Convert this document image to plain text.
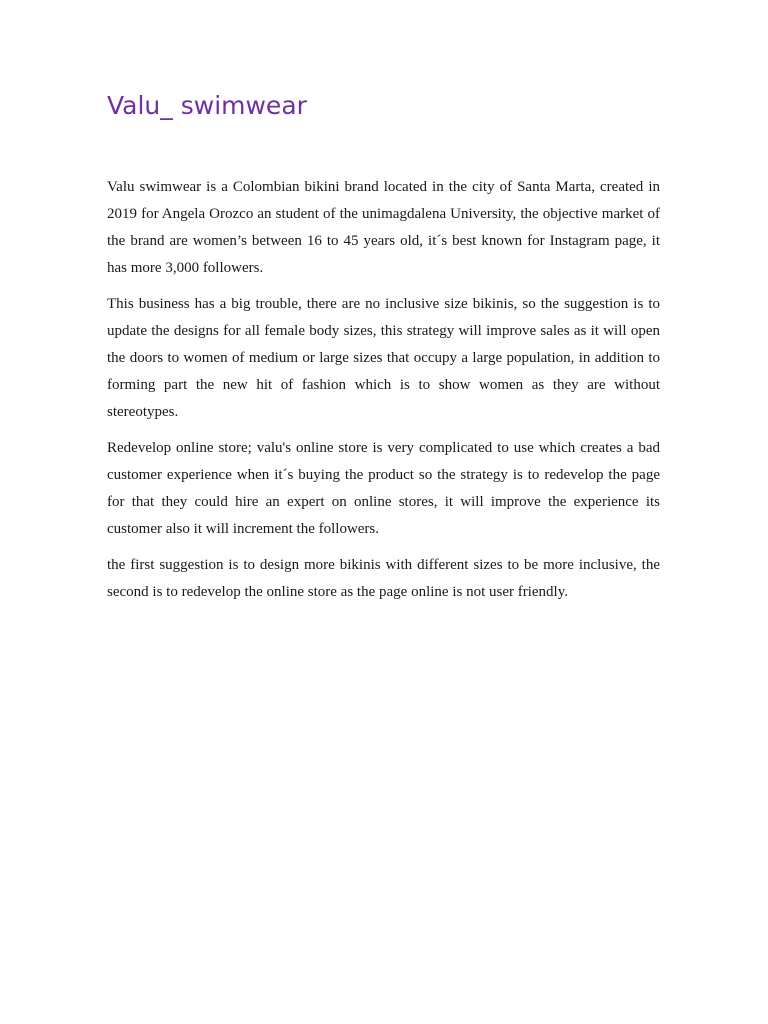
Valu_ swimwear

Valu swimwear is a Colombian bikini brand located in the city of Santa Marta, created in 2019 for Angela Orozco an student of the unimagdalena University, the objective market of the brand are women’s between 16 to 45 years old, it´s best known for Instagram page, it has more 3,000 followers.

This business has a big trouble, there are no inclusive size bikinis, so the suggestion is to update the designs for all female body sizes, this strategy will improve sales as it will open the doors to women of medium or large sizes that occupy a large population, in addition to forming part the new hit of fashion which is to show women as they are without stereotypes.

Redevelop online store; valu's online store is very complicated to use which creates a bad customer experience when it´s buying the product so the strategy is to redevelop the page for that they could hire an expert on online stores, it will improve the experience its customer also it will increment the followers.

the first suggestion is to design more bikinis with different sizes to be more inclusive, the second is to redevelop the online store as the page online is not user friendly.
